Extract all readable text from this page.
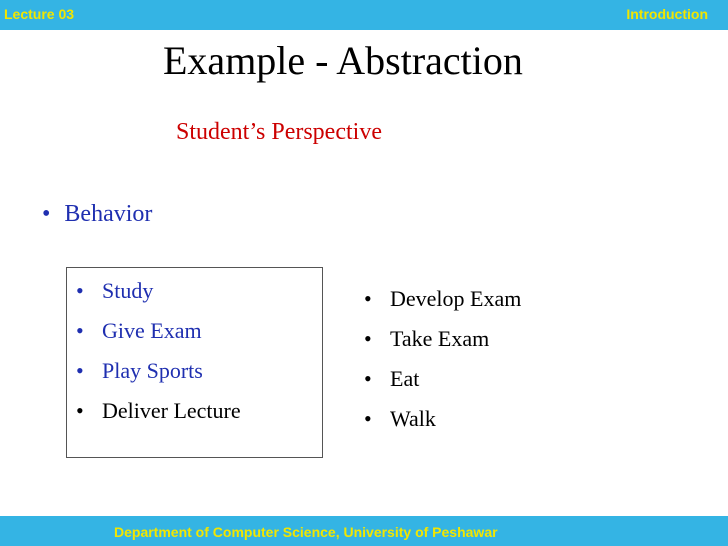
Lecture 03	Introduction
Example - Abstraction
Student’s Perspective
• Behavior
• Study
• Give Exam
• Play Sports
• Deliver Lecture
• Develop Exam
• Take Exam
• Eat
• Walk
Department of Computer Science, University of Peshawar
